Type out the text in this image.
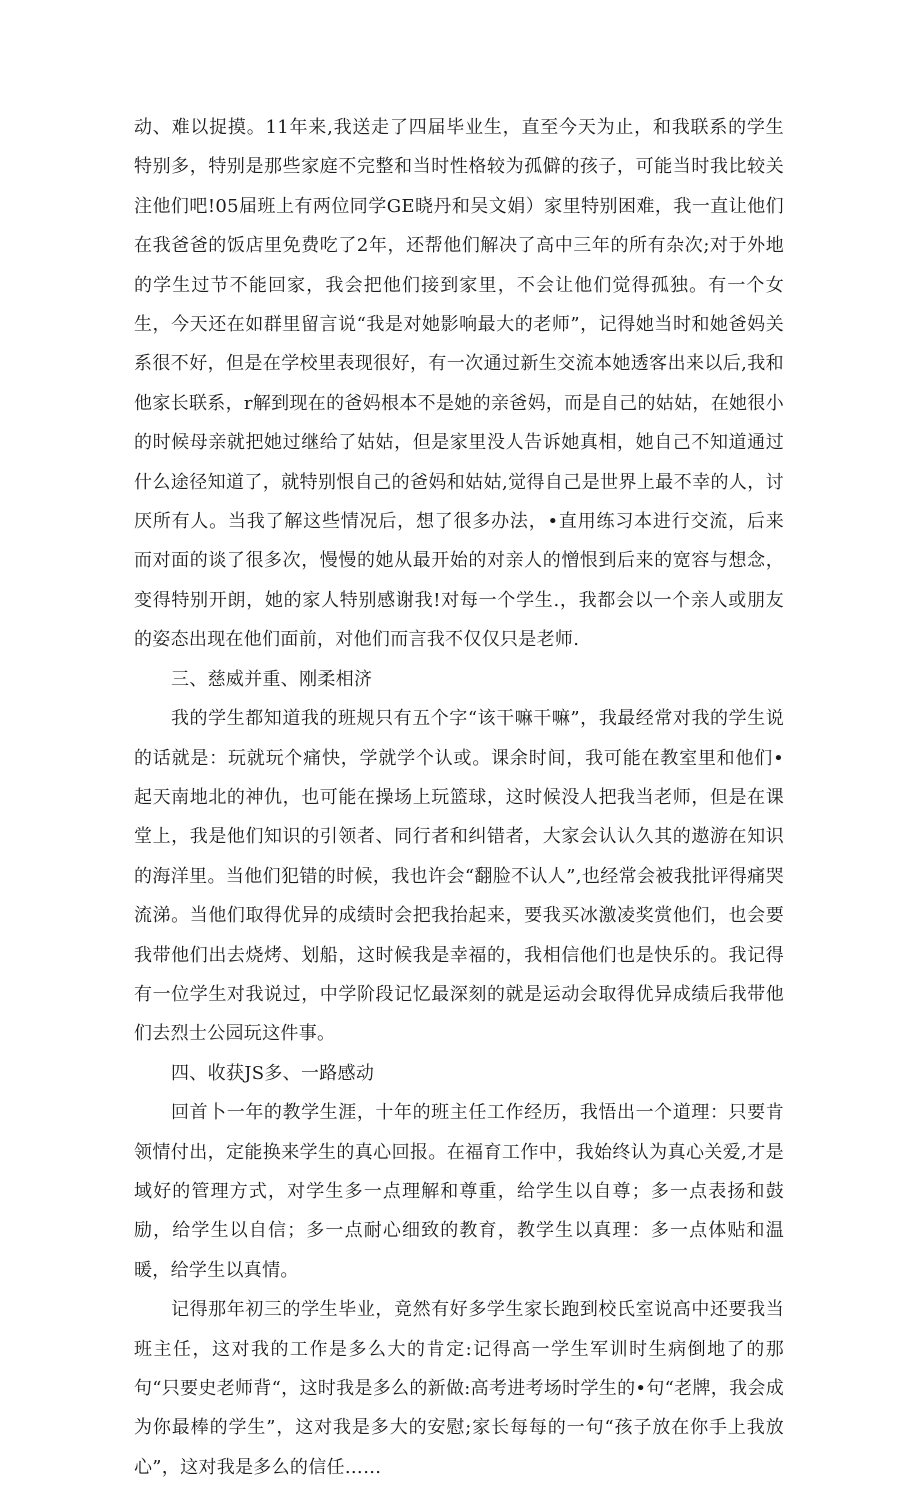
动、难以捉摸。11年来,我送走了四届毕业生，直至今天为止，和我联系的学生特别多，特别是那些家庭不完整和当时性格较为孤僻的孩子，可能当时我比较关注他们吧!05届班上有两位同学GE晓丹和吴文娟）家里特别困难，我一直让他们在我爸爸的饭店里免费吃了2年，还帮他们解决了高中三年的所有杂次;对于外地的学生过节不能回家，我会把他们接到家里，不会让他们觉得孤独。有一个女生，今天还在如群里留言说“我是对她影响最大的老师”，记得她当时和她爸妈关系很不好，但是在学校里表现很好，有一次通过新生交流本她透客出来以后,我和他家长联系，r解到现在的爸妈根本不是她的亲爸妈，而是自己的姑姑，在她很小的时候母亲就把她过继给了姑姑，但是家里没人告诉她真相，她自己不知道通过什么途径知道了，就特别恨自己的爸妈和姑姑,觉得自己是世界上最不幸的人，讨厌所有人。当我了解这些情况后，想了很多办法，•直用练习本进行交流，后来而对面的谈了很多次，慢慢的她从最开始的对亲人的憎恨到后来的宽容与想念，变得特别开朗，她的家人特别感谢我!对每一个学生.，我都会以一个亲人或朋友的姿态出现在他们面前，对他们而言我不仅仅只是老师.

三、慈威并重、刚柔相济

我的学生都知道我的班规只有五个字“该干嘛干嘛”，我最经常对我的学生说的话就是：玩就玩个痛快，学就学个认或。课余时间，我可能在教室里和他们•起天南地北的神仇，也可能在操场上玩篮球，这时候没人把我当老师，但是在课堂上，我是他们知识的引领者、同行者和纠错者，大家会认认久其的遨游在知识的海洋里。当他们犯错的时候，我也许会“翻脸不认人”,也经常会被我批评得痛哭流涕。当他们取得优异的成绩时会把我抬起来，要我买冰激凌奖赏他们，也会要我带他们出去烧烤、划船，这时候我是幸福的，我相信他们也是快乐的。我记得有一位学生对我说过，中学阶段记忆最深刻的就是运动会取得优异成绩后我带他们去烈士公园玩这件事。

四、收获JS多、一路感动

回首卜一年的教学生涯，十年的班主任工作经历，我悟出一个道理：只要肯领情付出，定能换来学生的真心回报。在福育工作中，我始终认为真心关爱,才是域好的管理方式，对学生多一点理解和尊重，给学生以自尊；多一点表扬和鼓励，给学生以自信；多一点耐心细致的教育，教学生以真理：多一点体贴和温暖，给学生以真情。

记得那年初三的学生毕业，竟然有好多学生家长跑到校氏室说高中还要我当班主任，这对我的工作是多么大的肯定:记得高一学生军训时生病倒地了的那句“只要史老师背“，这时我是多么的新做:高考进考场时学生的•句“老牌，我会成为你最棒的学生”，这对我是多大的安慰;家长每每的一句“孩子放在你手上我放心”，这对我是多么的信任……
